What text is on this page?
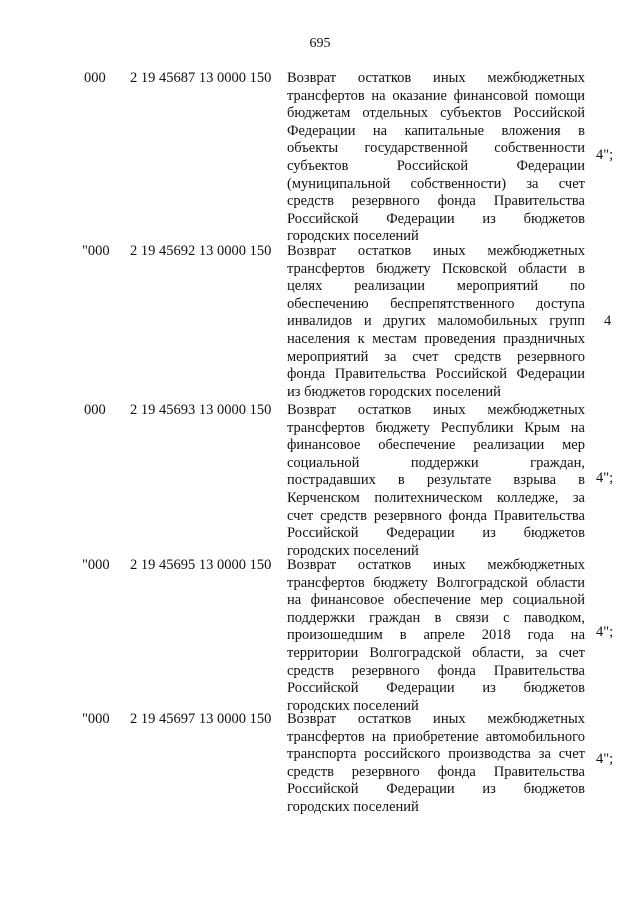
695
000 2 19 45687 13 0000 150 Возврат остатков иных межбюджетных
трансфертов на оказание финансовой помощи
бюджетам отдельных субъектов Российской
Федерации на капитальные вложения в
объекты государственной собственности
субъектов Российской Федерации
(муниципальной собственности) за счет
средств резервного фонда Правительства
Российской Федерации из бюджетов
городских поселений
4";
"000 2 19 45692 13 0000 150 Возврат остатков иных межбюджетных
трансфертов бюджету Псковской области в
целях реализации мероприятий по
обеспечению беспрепятственного доступа
инвалидов и других маломобильных групп
населения к местам проведения праздничных
мероприятий за счет средств резервного
фонда Правительства Российской Федерации
из бюджетов городских поселений
4
000 2 19 45693 13 0000 150 Возврат остатков иных межбюджетных
трансфертов бюджету Республики Крым на
финансовое обеспечение реализации мер
социальной поддержки граждан,
пострадавших в результате взрыва в
Керченском политехническом колледже, за
счет средств резервного фонда Правительства
Российской Федерации из бюджетов
городских поселений
4";
"000 2 19 45695 13 0000 150 Возврат остатков иных межбюджетных
трансфертов бюджету Волгоградской области
на финансовое обеспечение мер социальной
поддержки граждан в связи с паводком,
произошедшим в апреле 2018 года на
территории Волгоградской области, за счет
средств резервного фонда Правительства
Российской Федерации из бюджетов
городских поселений
4";
"000 2 19 45697 13 0000 150 Возврат остатков иных межбюджетных
трансфертов на приобретение автомобильного
транспорта российского производства за счет
средств резервного фонда Правительства
Российской Федерации из бюджетов
городских поселений
4";
